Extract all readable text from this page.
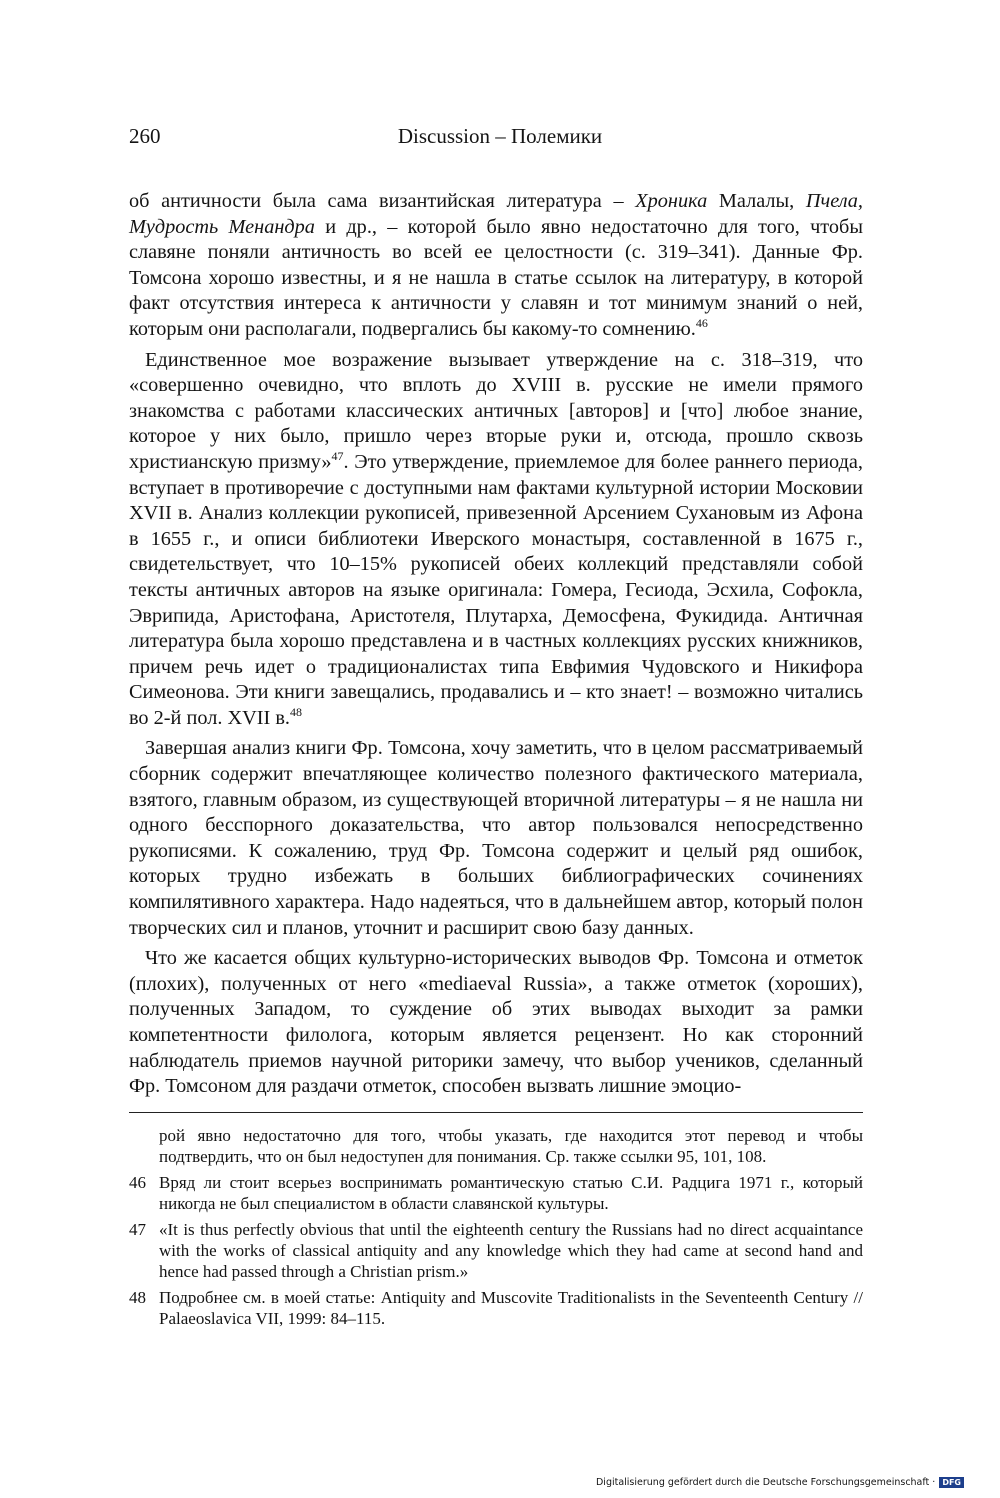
260	Discussion – Полемики

об античности была сама византийская литература – Хроника Малалы, Пчела, Мудрость Менандра и др., – которой было явно недостаточно для того, чтобы славяне поняли античность во всей ее целостности (с. 319–341). Данные Фр. Томсона хорошо известны, и я не нашла в статье ссылок на литературу, в которой факт отсутствия интереса к античности у славян и тот минимум знаний о ней, которым они располагали, подвергались бы какому-то сомнению.$^{46}$

Единственное мое возражение вызывает утверждение на с. 318–319, что «совершенно очевидно, что вплоть до XVIII в. русские не имели прямого знакомства с работами классических античных [авторов] и [что] любое знание, которое у них было, пришло через вторые руки и, отсюда, прошло сквозь христианскую призму»$^{47}$. Это утверждение, приемлемое для более раннего периода, вступает в противоречие с доступными нам фактами культурной истории Московии XVII в. Анализ коллекции рукописей, привезенной Арсением Сухановым из Афона в 1655 г., и описи библиотеки Иверского монастыря, составленной в 1675 г., свидетельствует, что 10–15% рукописей обеих коллекций представляли собой тексты античных авторов на языке оригинала: Гомера, Гесиода, Эсхила, Софокла, Эврипида, Аристофана, Аристотеля, Плутарха, Демосфена, Фукидида. Античная литература была хорошо представлена и в частных коллекциях русских книжников, причем речь идет о традиционалистах типа Евфимия Чудовского и Никифора Симеонова. Эти книги завещались, продавались и – кто знает! – возможно читались во 2-й пол. XVII в.$^{48}$

Завершая анализ книги Фр. Томсона, хочу заметить, что в целом рассматриваемый сборник содержит впечатляющее количество полезного фактического материала, взятого, главным образом, из существующей вторичной литературы – я не нашла ни одного бесспорного доказательства, что автор пользовался непосредственно рукописями. К сожалению, труд Фр. Томсона содержит и целый ряд ошибок, которых трудно избежать в больших библиографических сочинениях компилятивного характера. Надо надеяться, что в дальнейшем автор, который полон творческих сил и планов, уточнит и расширит свою базу данных.

Что же касается общих культурно-исторических выводов Фр. Томсона и отметок (плохих), полученных от него «mediaeval Russia», а также отметок (хороших), полученных Западом, то суждение об этих выводах выходит за рамки компетентности филолога, которым является рецензент. Но как сторонний наблюдатель приемов научной риторики замечу, что выбор учеников, сделанный Фр. Томсоном для раздачи отметок, способен вызвать лишние эмоцио-

рой явно недостаточно для того, чтобы указать, где находится этот перевод и чтобы подтвердить, что он был недоступен для понимания. Ср. также ссылки 95, 101, 108.
46 Вряд ли стоит всерьез воспринимать романтическую статью С.И. Радцига 1971 г., который никогда не был специалистом в области славянской культуры.
47 «It is thus perfectly obvious that until the eighteenth century the Russians had no direct acquaintance with the works of classical antiquity and any knowledge which they had came at second hand and hence had passed through a Christian prism.»
48 Подробнее см. в моей статье: Antiquity and Muscovite Traditionalists in the Seventeenth Century // Palaeoslavica VII, 1999: 84–115.
Digitalisierung gefördert durch die Deutsche Forschungsgemeinschaft · DFG
